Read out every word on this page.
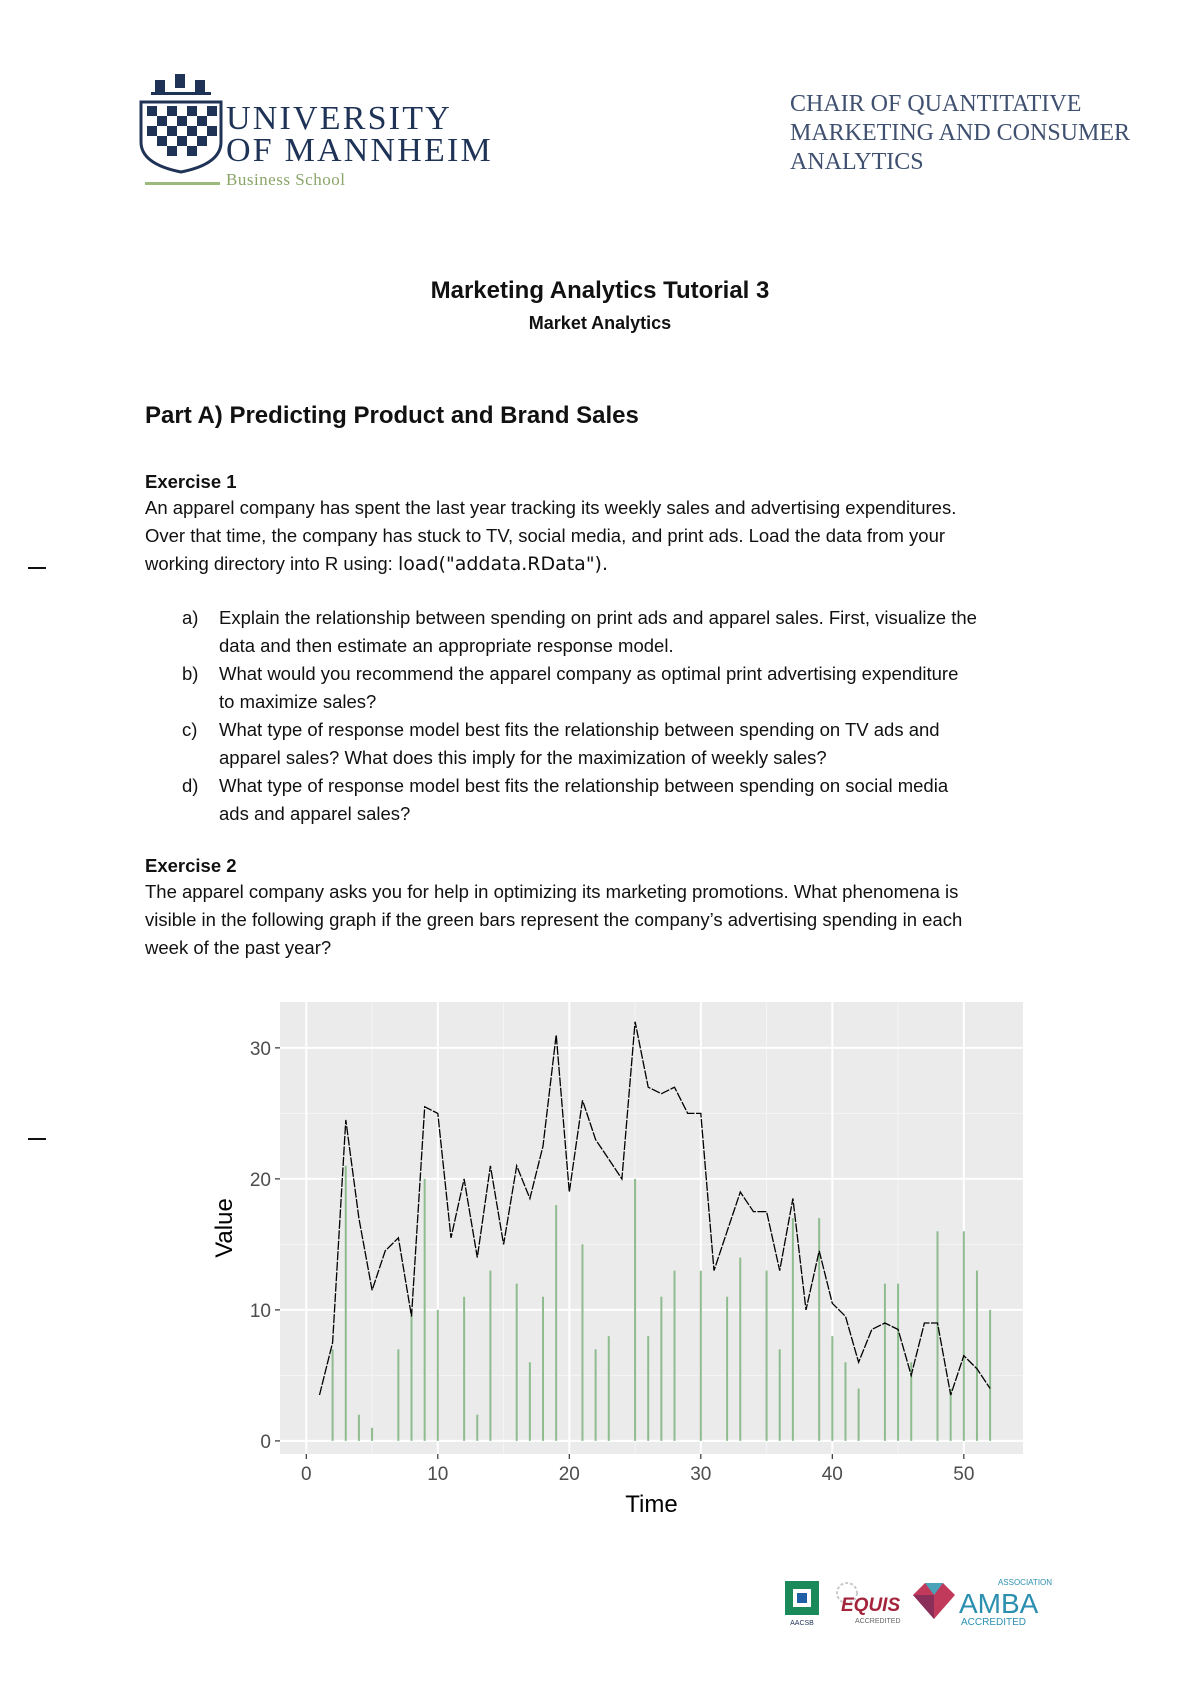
UNIVERSITY
OF MANNHEIM
Business School
CHAIR OF QUANTITATIVE
MARKETING AND CONSUMER
ANALYTICS
Marketing Analytics Tutorial 3
Market Analytics
Part A) Predicting Product and Brand Sales
Exercise 1
An apparel company has spent the last year tracking its weekly sales and advertising expenditures.
Over that time, the company has stuck to TV, social media, and print ads. Load the data from your
working directory into R using: load("addata.RData").
a) Explain the relationship between spending on print ads and apparel sales. First, visualize the
data and then estimate an appropriate response model.
b) What would you recommend the apparel company as optimal print advertising expenditure
to maximize sales?
c) What type of response model best fits the relationship between spending on TV ads and
apparel sales? What does this imply for the maximization of weekly sales?
d) What type of response model best fits the relationship between spending on social media
ads and apparel sales?
Exercise 2
The apparel company asks you for help in optimizing its marketing promotions. What phenomena is
visible in the following graph if the green bars represent the company’s advertising spending in each
week of the past year?
0	10	20	30	40	50
0
10
20
30
Time
Value
AACSB
EQUIS
ACCREDITED
ASSOCIATION
AMBA
ACCREDITED
